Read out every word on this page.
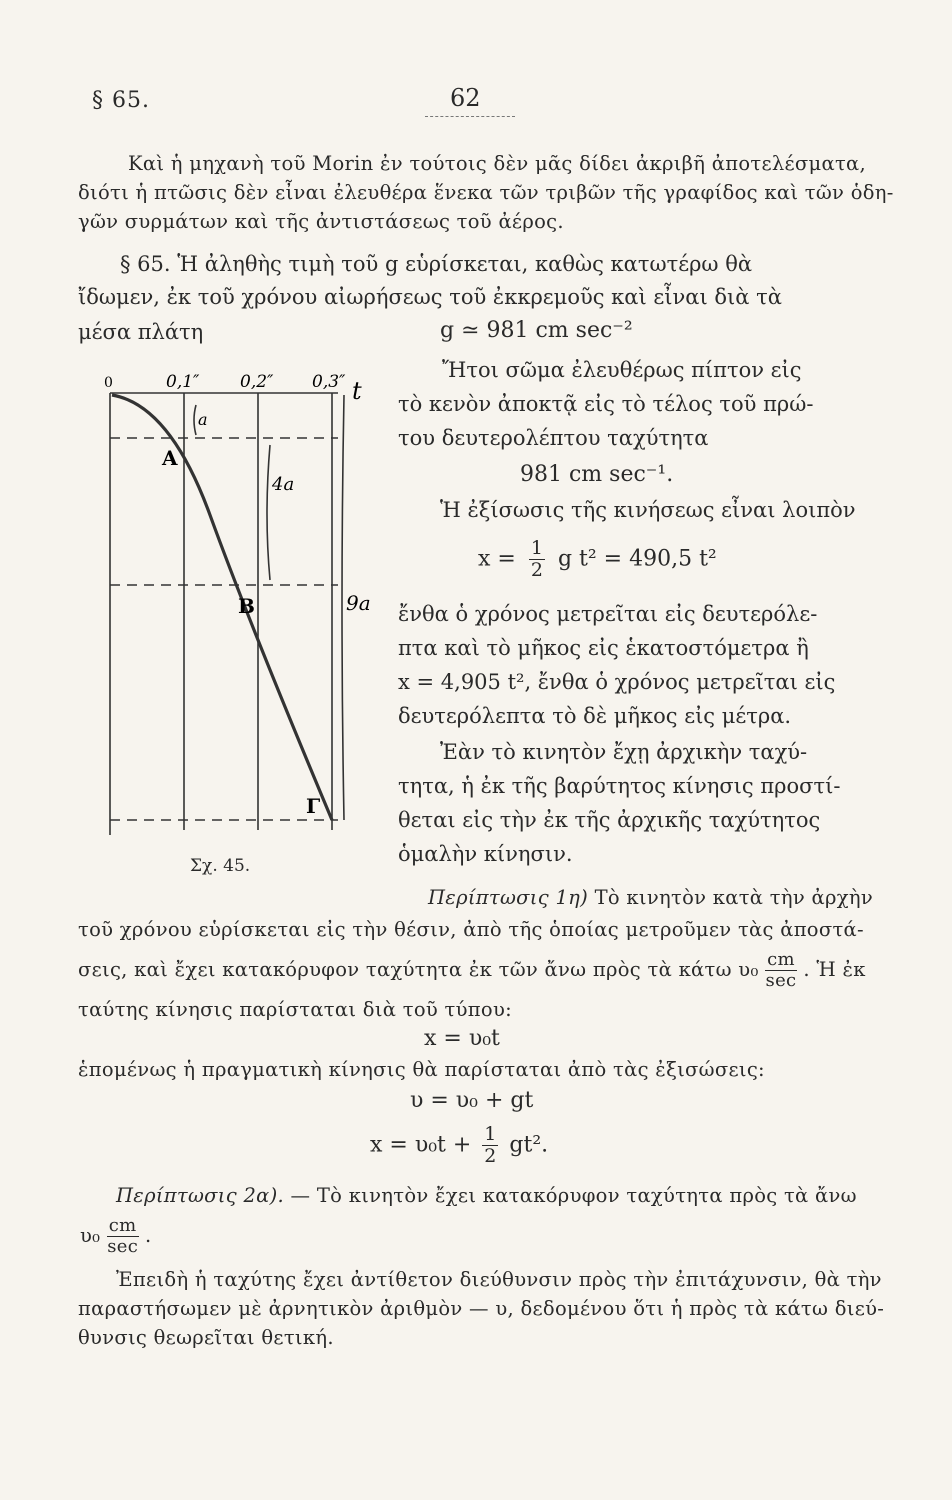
§ 65.	62
Καὶ ἡ μηχανὴ τοῦ Morin ἐν τούτοις δὲν μᾶς δίδει ἀκριβῆ ἀποτελέσματα,
διότι ἡ πτῶσις δὲν εἶναι ἐλευθέρα ἕνεκα τῶν τριβῶν τῆς γραφίδος καὶ τῶν ὁδη-
γῶν συρμάτων καὶ τῆς ἀντιστάσεως τοῦ ἀέρος.
§ 65. Ἡ ἀληθὴς τιμὴ τοῦ g εὑρίσκεται, καθὼς κατωτέρω θὰ
ἴδωμεν, ἐκ τοῦ χρόνου αἰωρήσεως τοῦ ἐκκρεμοῦς καὶ εἶναι διὰ τὰ
μέσα πλάτη	g ≃ 981 cm sec⁻²
Ἤτοι σῶμα ἐλευθέρως πίπτον εἰς
τὸ κενὸν ἀποκτᾷ εἰς τὸ τέλος τοῦ πρώ-
του δευτερολέπτου ταχύτητα
981 cm sec⁻¹.
Ἡ ἐξίσωσις τῆς κινήσεως εἶναι λοιπὸν
$x = \frac{1}{2}$ g t² = 490,5 t²
ἔνθα ὁ χρόνος μετρεῖται εἰς δευτερόλε-
πτα καὶ τὸ μῆκος εἰς ἑκατοστόμετρα ἢ
x = 4,905 t², ἔνθα ὁ χρόνος μετρεῖται εἰς
δευτερόλεπτα τὸ δὲ μῆκος εἰς μέτρα.
Ἐὰν τὸ κινητὸν ἔχῃ ἀρχικὴν ταχύ-
τητα, ἡ ἐκ τῆς βαρύτητος κίνησις προστί-
θεται εἰς τὴν ἐκ τῆς ἀρχικῆς ταχύτητος
ὁμαλὴν κίνησιν.
0	0,1″ 0,2″ 0,3″ t
a
4a
9a
Α
Β
Γ
Σχ. 45.
Περίπτωσις 1η) Τὸ κινητὸν κατὰ τὴν ἀρχὴν
τοῦ χρόνου εὑρίσκεται εἰς τὴν θέσιν, ἀπὸ τῆς ὁποίας μετροῦμεν τὰς ἀποστά-
σεις, καὶ ἔχει κατακόρυφον ταχύτητα ἐκ τῶν ἄνω πρὸς τὰ κάτω $\upsilon_0 \frac{cm}{\sec}$ . Ἡ ἐκ
ταύτης κίνησις παρίσταται διὰ τοῦ τύπου:
x = υ₀t
ἑπομένως ἡ πραγματικὴ κίνησις θὰ παρίσταται ἀπὸ τὰς ἐξισώσεις:
υ = υ₀ + gt
$x = \upsilon_0t + \frac{1}{2} gt^2$.
Περίπτωσις 2α). — Τὸ κινητὸν ἔχει κατακόρυφον ταχύτητα πρὸς τὰ ἄνω
$\upsilon_0 \frac{cm}{\sec}$ .
Ἐπειδὴ ἡ ταχύτης ἔχει ἀντίθετον διεύθυνσιν πρὸς τὴν ἐπιτάχυνσιν, θὰ τὴν
παραστήσωμεν μὲ ἀρνητικὸν ἀριθμὸν — υ, δεδομένου ὅτι ἡ πρὸς τὰ κάτω διεύ-
θυνσις θεωρεῖται θετική.
